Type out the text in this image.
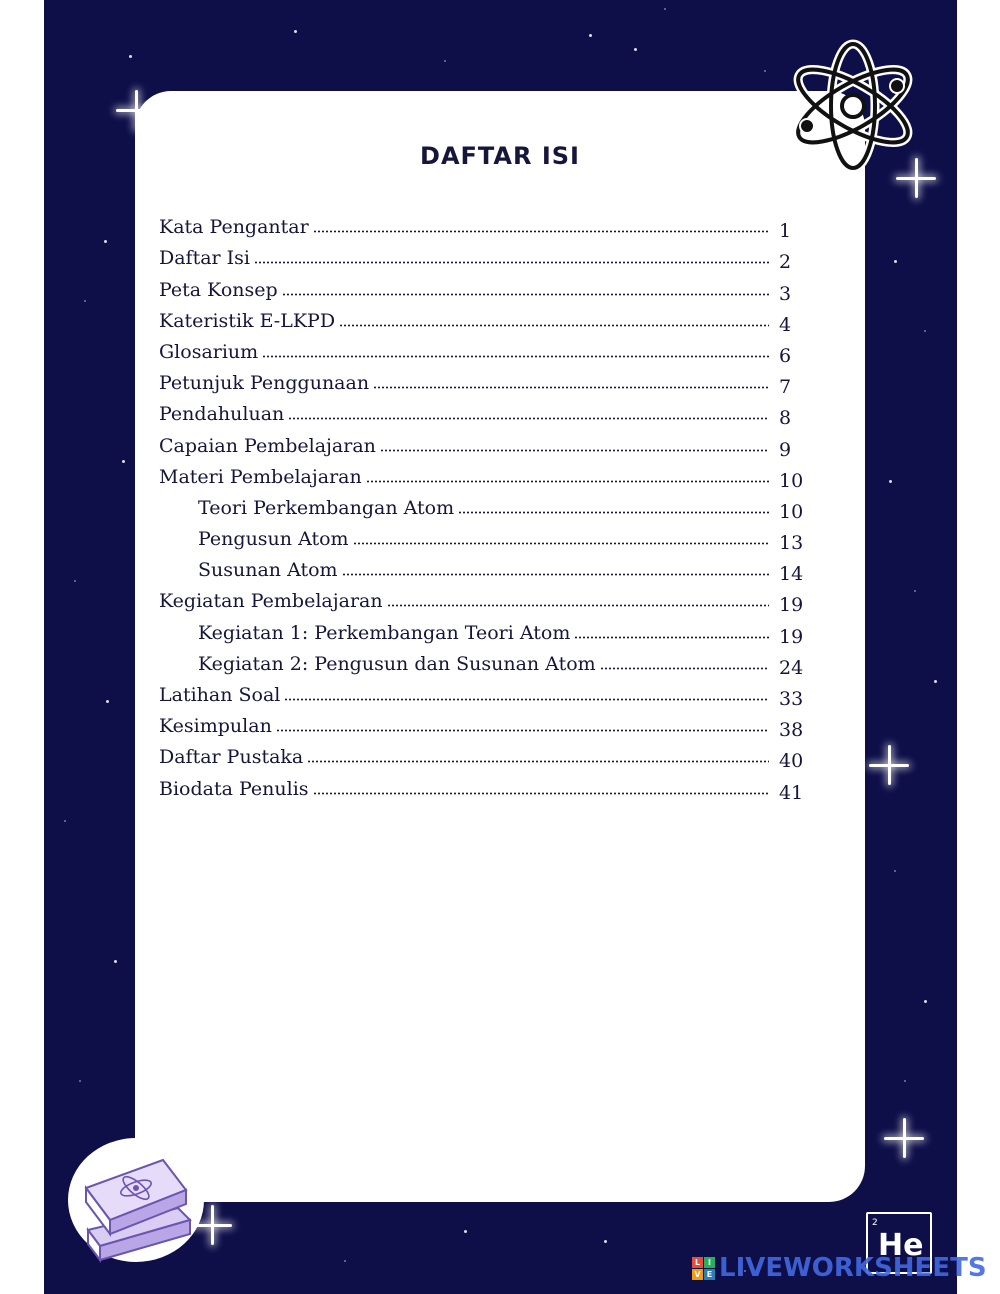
DAFTAR ISI
Kata Pengantar	1
Daftar Isi	2
Peta Konsep	3
Kateristik E-LKPD	4
Glosarium	6
Petunjuk Penggunaan	7
Pendahuluan	8
Capaian Pembelajaran	9
Materi Pembelajaran	10
Teori Perkembangan Atom	10
Pengusun Atom	13
Susunan Atom	14
Kegiatan Pembelajaran	19
Kegiatan 1: Perkembangan Teori Atom	19
Kegiatan 2: Pengusun dan Susunan Atom	24
Latihan Soal	33
Kesimpulan	38
Daftar Pustaka	40
Biodata Penulis	41
2
He
L I
V E LIVEWORKSHEETS
